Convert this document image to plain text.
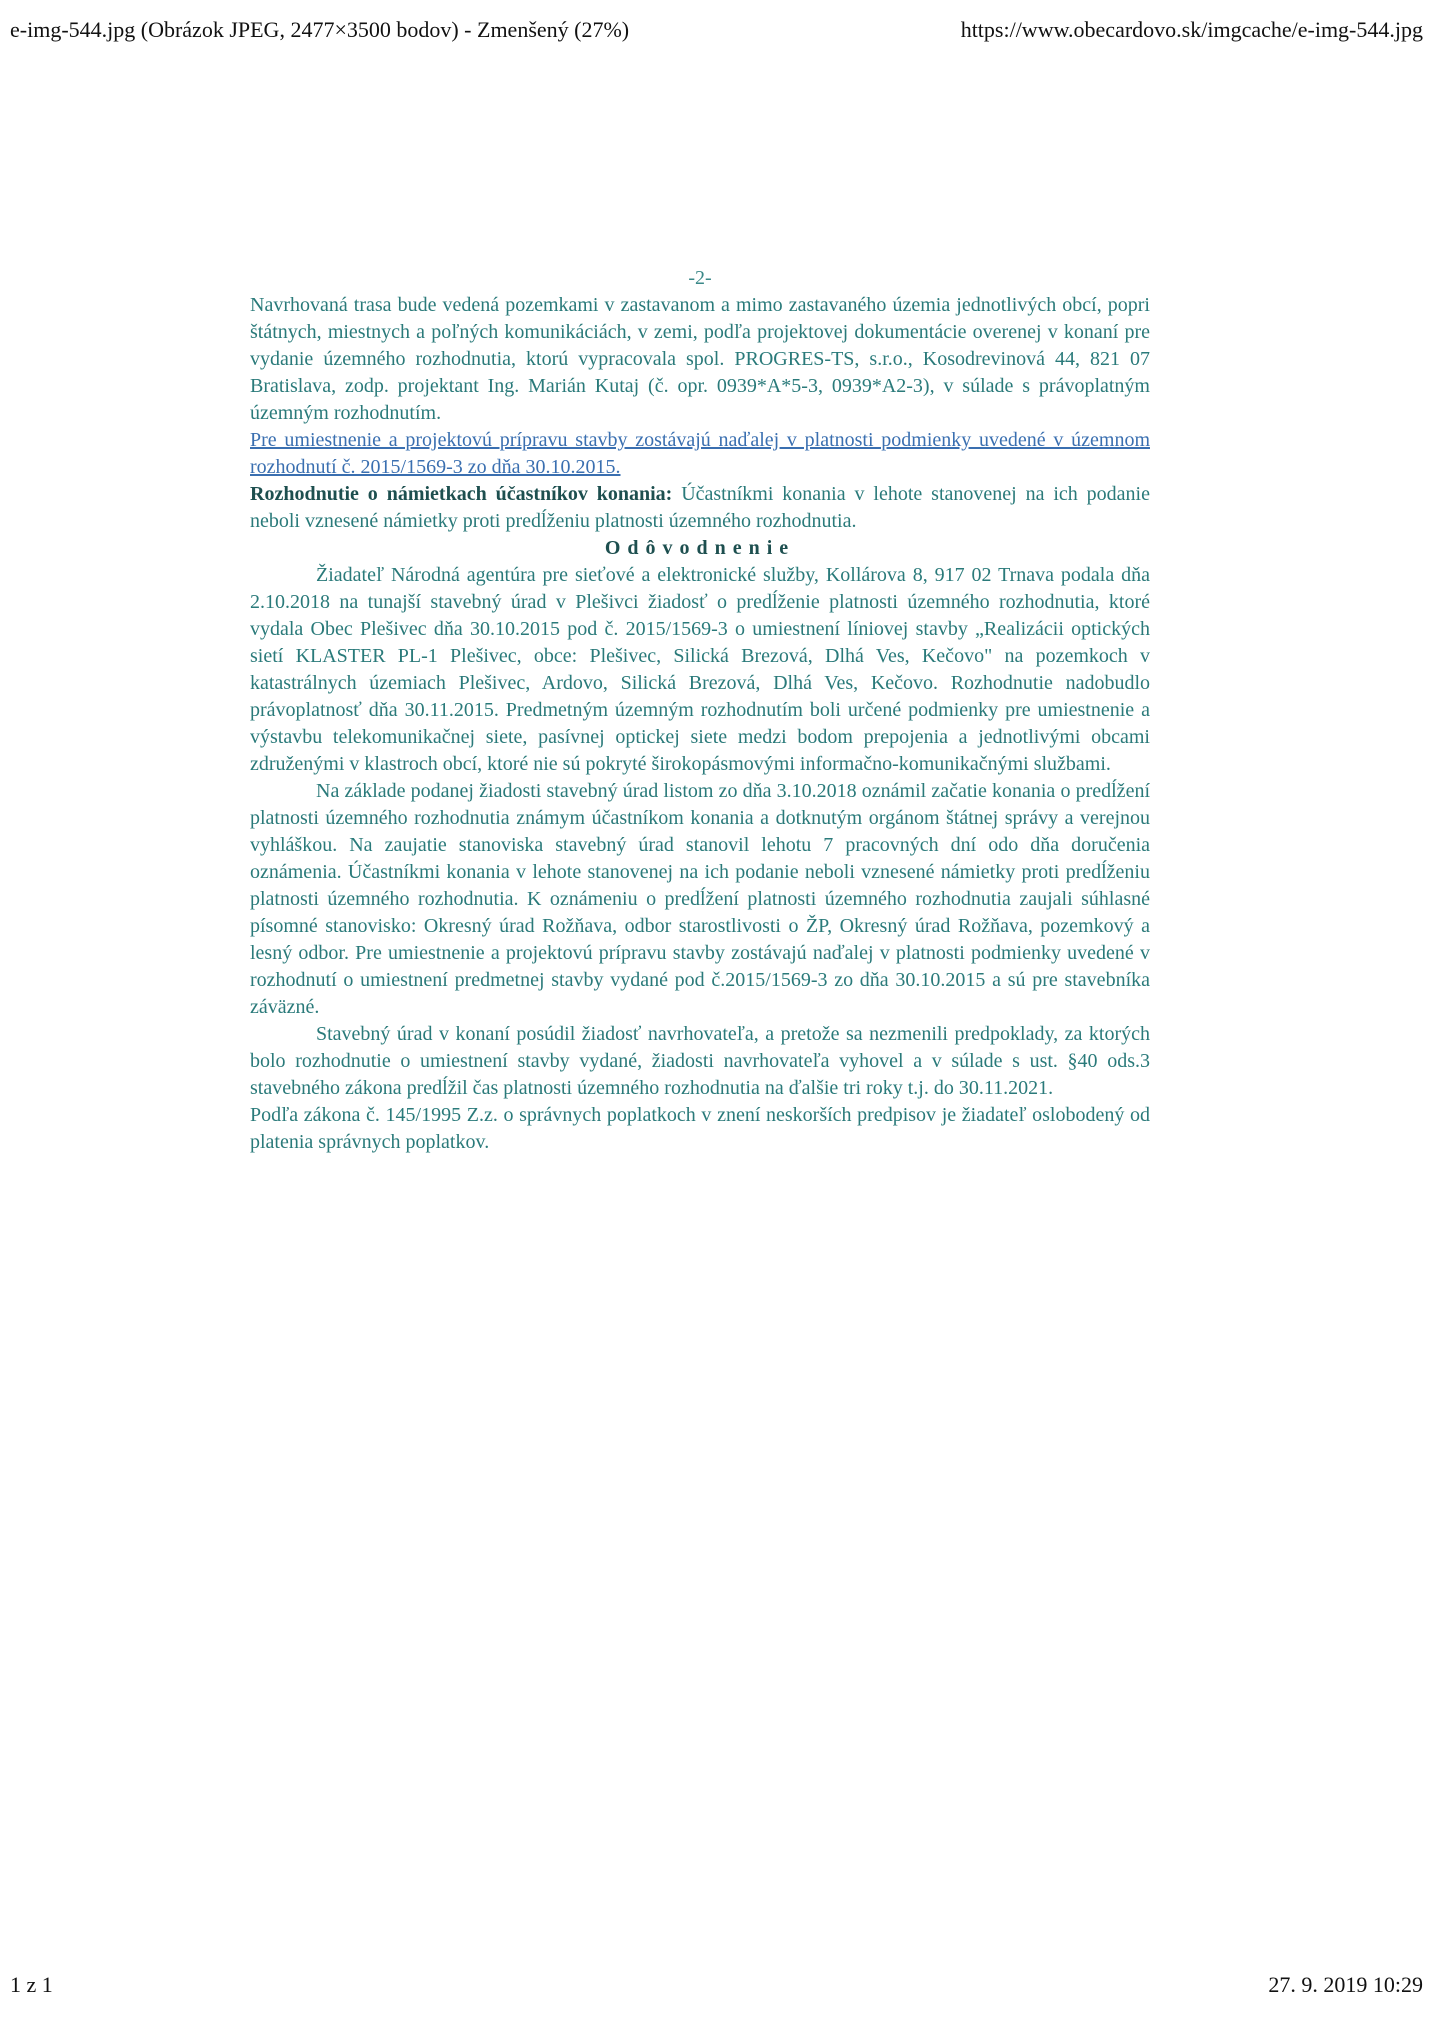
e-img-544.jpg (Obrázok JPEG, 2477×3500 bodov) - Zmenšený (27%)	https://www.obecardovo.sk/imgcache/e-img-544.jpg

-2-

Navrhovaná trasa bude vedená pozemkami v zastavanom a mimo zastavaného územia jednotlivých obcí, popri štátnych, miestnych a poľných komunikáciách, v zemi, podľa projektovej dokumentácie overenej v konaní pre vydanie územného rozhodnutia, ktorú vypracovala spol. PROGRES-TS, s.r.o., Kosodrevinová 44, 821 07 Bratislava, zodp. projektant Ing. Marián Kutaj (č. opr. 0939*A*5-3, 0939*A2-3), v súlade s právoplatným územným rozhodnutím.

Pre umiestnenie a projektovú prípravu stavby zostávajú naďalej v platnosti podmienky uvedené v územnom rozhodnutí č. 2015/1569-3 zo dňa 30.10.2015.

Rozhodnutie o námietkach účastníkov konania: Účastníkmi konania v lehote stanovenej na ich podanie neboli vznesené námietky proti predĺženiu platnosti územného rozhodnutia.

Odôvodnenie

Žiadateľ Národná agentúra pre sieťové a elektronické služby, Kollárova 8, 917 02 Trnava podala dňa 2.10.2018 na tunajší stavebný úrad v Plešivci žiadosť o predĺženie platnosti územného rozhodnutia, ktoré vydala Obec Plešivec dňa 30.10.2015 pod č. 2015/1569-3 o umiestnení líniovej stavby „Realizácii optických sietí KLASTER PL-1 Plešivec, obce: Plešivec, Silická Brezová, Dlhá Ves, Kečovo" na pozemkoch v katastrálnych územiach Plešivec, Ardovo, Silická Brezová, Dlhá Ves, Kečovo. Rozhodnutie nadobudlo právoplatnosť dňa 30.11.2015. Predmetným územným rozhodnutím boli určené podmienky pre umiestnenie a výstavbu telekomunikačnej siete, pasívnej optickej siete medzi bodom prepojenia a jednotlivými obcami združenými v klastroch obcí, ktoré nie sú pokryté širokopásmovými informačno-komunikačnými službami.

Na základe podanej žiadosti stavebný úrad listom zo dňa 3.10.2018 oznámil začatie konania o predĺžení platnosti územného rozhodnutia známym účastníkom konania a dotknutým orgánom štátnej správy a verejnou vyhláškou. Na zaujatie stanoviska stavebný úrad stanovil lehotu 7 pracovných dní odo dňa doručenia oznámenia. Účastníkmi konania v lehote stanovenej na ich podanie neboli vznesené námietky proti predĺženiu platnosti územného rozhodnutia. K oznámeniu o predĺžení platnosti územného rozhodnutia zaujali súhlasné písomné stanovisko: Okresný úrad Rožňava, odbor starostlivosti o ŽP, Okresný úrad Rožňava, pozemkový a lesný odbor. Pre umiestnenie a projektovú prípravu stavby zostávajú naďalej v platnosti podmienky uvedené v rozhodnutí o umiestnení predmetnej stavby vydané pod č.2015/1569-3 zo dňa 30.10.2015 a sú pre stavebníka záväzné.

Stavebný úrad v konaní posúdil žiadosť navrhovateľa, a pretože sa nezmenili predpoklady, za ktorých bolo rozhodnutie o umiestnení stavby vydané, žiadosti navrhovateľa vyhovel a v súlade s ust. §40 ods.3 stavebného zákona predĺžil čas platnosti územného rozhodnutia na ďalšie tri roky t.j. do 30.11.2021.

Podľa zákona č. 145/1995 Z.z. o správnych poplatkoch v znení neskorších predpisov je žiadateľ oslobodený od platenia správnych poplatkov.

1 z 1	27. 9. 2019 10:29
